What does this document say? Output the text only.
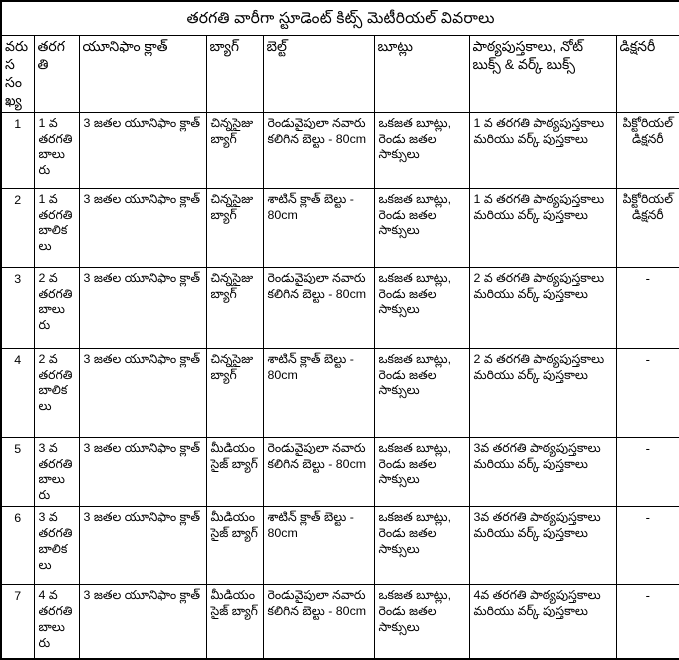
తరగతి వారీగా స్టూడెంట్ కిట్స్ మెటీరియల్ వివరాలు							
వరుస సంఖ్య	తరగతి	యూనిఫాం క్లాత్	బ్యాగ్	బెల్ట్	బూట్లు	పాఠ్యపుస్తకాలు, నోట్ బుక్స్ & వర్క్ బుక్స్	డిక్షనరీ
1	1 వ తరగతి బాలురు	3 జతల యూనిఫాం క్లాత్	చిన్నసైజు బ్యాగ్	రెండువైపులా నవారు కలిగిన బెల్టు - 80cm	ఒకజత బూట్లు, రెండు జతల సాక్సులు	1 వ తరగతి పాఠ్యపుస్తకాలు మరియు వర్క్ పుస్తకాలు	పిక్టోరియల్ డిక్షనరీ
2	1 వ తరగతి బాలికలు	3 జతల యూనిఫాం క్లాత్	చిన్నసైజు బ్యాగ్	శాటిన్ క్లాత్ బెల్టు - 80cm	ఒకజత బూట్లు, రెండు జతల సాక్సులు	1 వ తరగతి పాఠ్యపుస్తకాలు మరియు వర్క్ పుస్తకాలు	పిక్టోరియల్ డిక్షనరీ
3	2 వ తరగతి బాలురు	3 జతల యూనిఫాం క్లాత్	చిన్నసైజు బ్యాగ్	రెండువైపులా నవారు కలిగిన బెల్టు - 80cm	ఒకజత బూట్లు, రెండు జతల సాక్సులు	2 వ తరగతి పాఠ్యపుస్తకాలు మరియు వర్క్ పుస్తకాలు	-
4	2 వ తరగతి బాలికలు	3 జతల యూనిఫాం క్లాత్	చిన్నసైజు బ్యాగ్	శాటిన్ క్లాత్ బెల్టు - 80cm	ఒకజత బూట్లు, రెండు జతల సాక్సులు	2 వ తరగతి పాఠ్యపుస్తకాలు మరియు వర్క్ పుస్తకాలు	-
5	3 వ తరగతి బాలురు	3 జతల యూనిఫాం క్లాత్	మీడియం సైజ్ బ్యాగ్	రెండువైపులా నవారు కలిగిన బెల్టు - 80cm	ఒకజత బూట్లు, రెండు జతల సాక్సులు	3వ తరగతి పాఠ్యపుస్తకాలు మరియు వర్క్ పుస్తకాలు	-
6	3 వ తరగతి బాలికలు	3 జతల యూనిఫాం క్లాత్	మీడియం సైజ్ బ్యాగ్	శాటిన్ క్లాత్ బెల్టు - 80cm	ఒకజత బూట్లు, రెండు జతల సాక్సులు	3వ తరగతి పాఠ్యపుస్తకాలు మరియు వర్క్ పుస్తకాలు	-
7	4 వ తరగతి బాలురు	3 జతల యూనిఫాం క్లాత్	మీడియం సైజ్ బ్యాగ్	రెండువైపులా నవారు కలిగిన బెల్టు - 80cm	ఒకజత బూట్లు, రెండు జతల సాక్సులు	4వ తరగతి పాఠ్యపుస్తకాలు మరియు వర్క్ పుస్తకాలు	-
